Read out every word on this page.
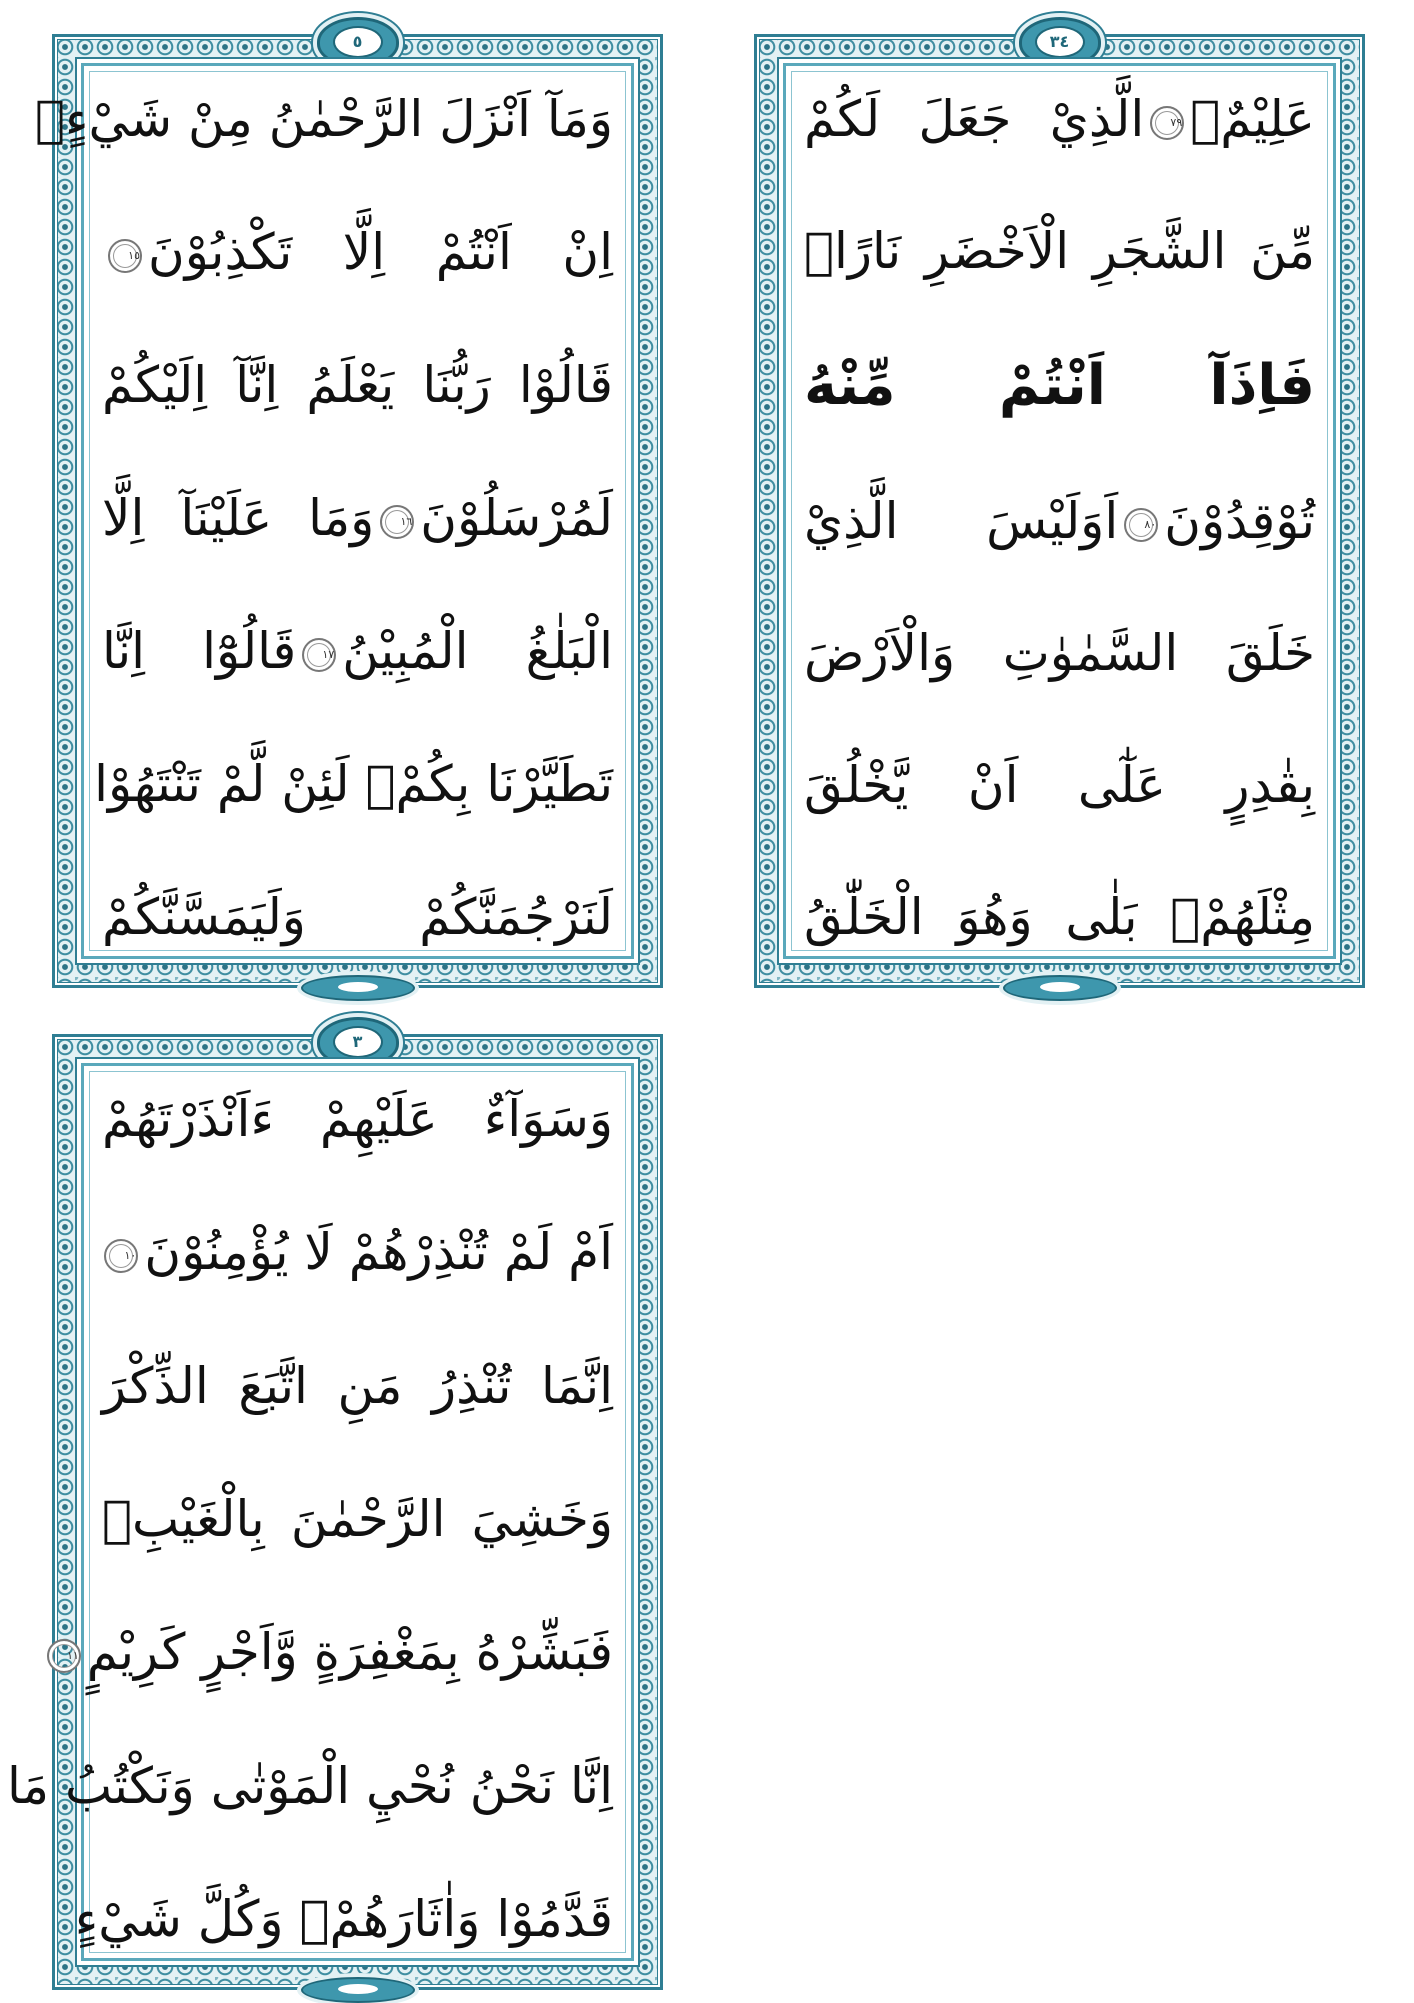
٥
وَمَآ اَنْزَلَ الرَّحْمٰنُ مِنْ شَيْءٍۙ
اِنْ اَنْتُمْ اِلَّا تَكْذِبُوْنَ١٥
قَالُوْا رَبُّنَا يَعْلَمُ اِنَّآ اِلَيْكُمْ
لَمُرْسَلُوْنَ١٦وَمَا عَلَيْنَآ اِلَّا
الْبَلٰغُ الْمُبِيْنُ١٧قَالُوْٓا اِنَّا
تَطَيَّرْنَا بِكُمْۚ لَئِنْ لَّمْ تَنْتَهُوْا
لَنَرْجُمَنَّكُمْ وَلَيَمَسَّنَّكُمْ
٣٤
عَلِيْمٌۙ٧٩الَّذِيْ جَعَلَ لَكُمْ
مِّنَ الشَّجَرِ الْاَخْضَرِ نَارًاۙ
فَاِذَآ اَنْتُمْ مِّنْهُ
تُوْقِدُوْنَ٨٠اَوَلَيْسَ الَّذِيْ
خَلَقَ السَّمٰوٰتِ وَالْاَرْضَ
بِقٰدِرٍ عَلٰٓى اَنْ يَّخْلُقَ
مِثْلَهُمْۗ بَلٰى وَهُوَ الْخَلّٰقُ
٣
وَسَوَآءٌ عَلَيْهِمْ ءَاَنْذَرْتَهُمْ
اَمْ لَمْ تُنْذِرْهُمْ لَا يُؤْمِنُوْنَ١٠
اِنَّمَا تُنْذِرُ مَنِ اتَّبَعَ الذِّكْرَ
وَخَشِيَ الرَّحْمٰنَ بِالْغَيْبِۚ
فَبَشِّرْهُ بِمَغْفِرَةٍ وَّاَجْرٍ كَرِيْمٍ١١
اِنَّا نَحْنُ نُحْيِ الْمَوْتٰى وَنَكْتُبُ مَا
قَدَّمُوْا وَاٰثَارَهُمْۗ وَكُلَّ شَيْءٍ
